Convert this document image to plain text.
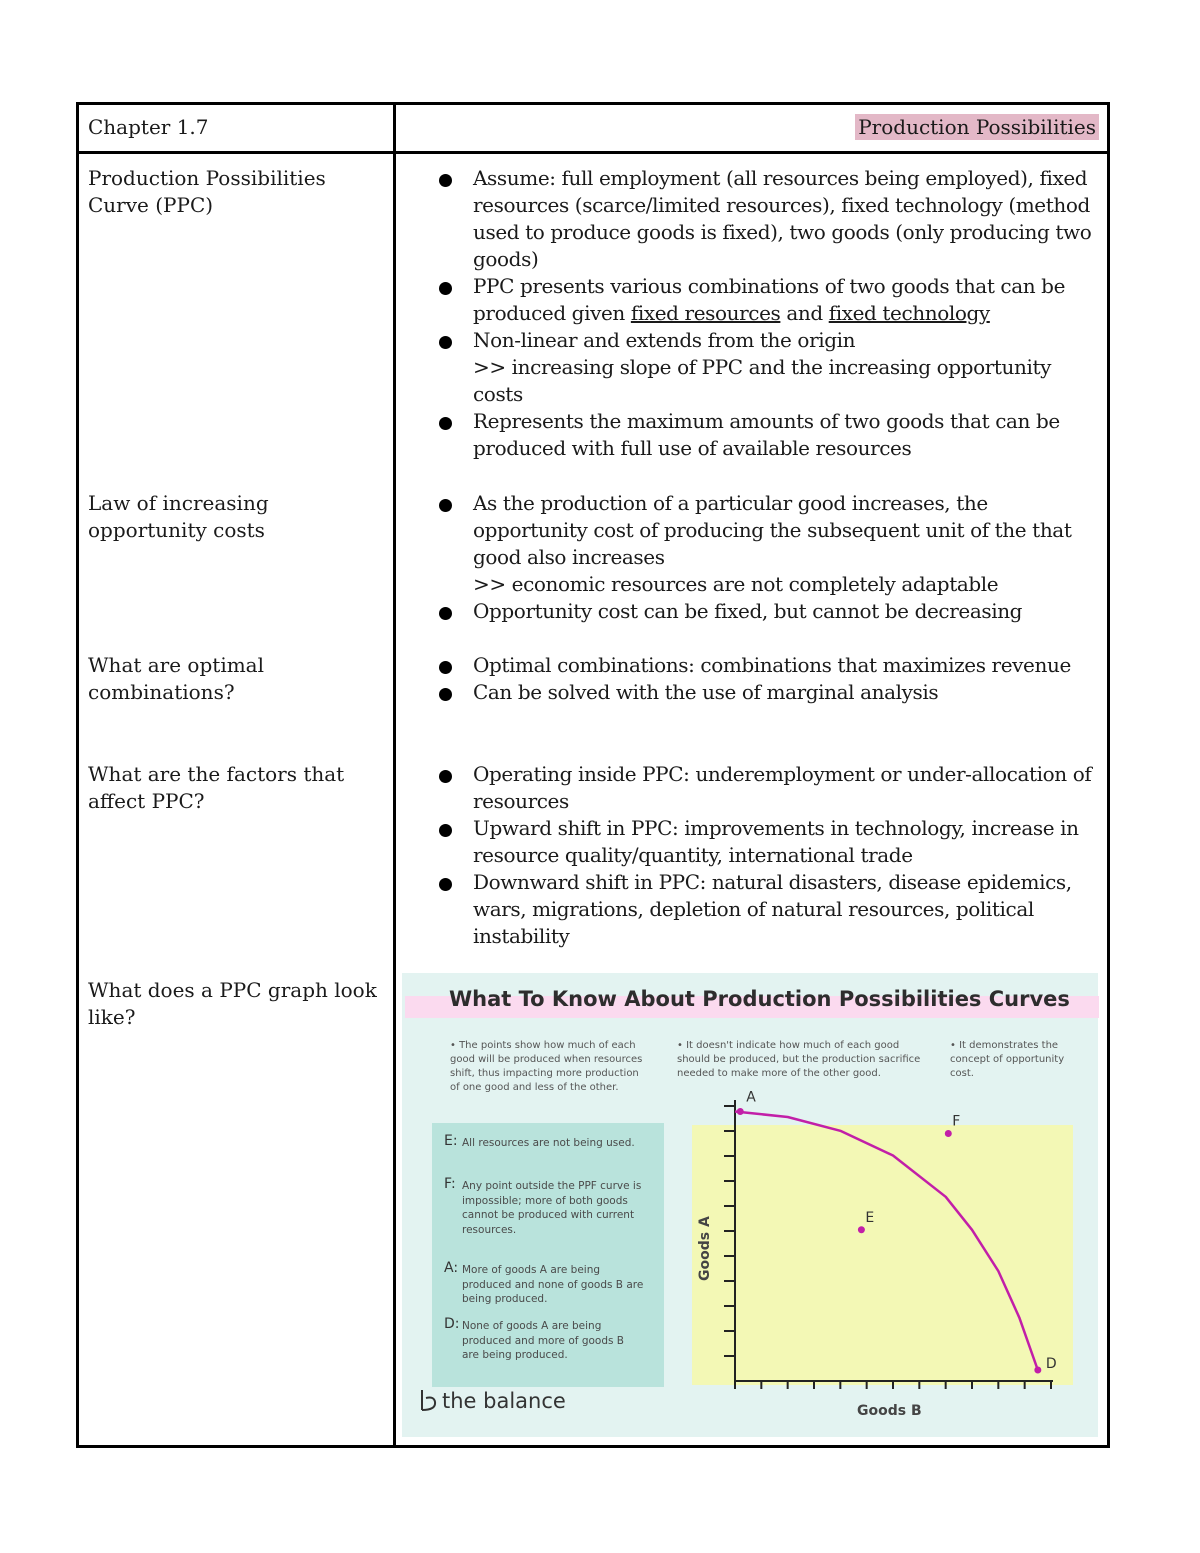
Chapter 1.7	Production Possibilities
Production Possibilities Curve (PPC)
Assume: full employment (all resources being employed), fixed resources (scarce/limited resources), fixed technology (method used to produce goods is fixed), two goods (only producing two goods)
PPC presents various combinations of two goods that can be produced given fixed resources and fixed technology
Non-linear and extends from the origin
>> increasing slope of PPC and the increasing opportunity costs
Represents the maximum amounts of two goods that can be produced with full use of available resources
Law of increasing opportunity costs
As the production of a particular good increases, the opportunity cost of producing the subsequent unit of the that good also increases
>> economic resources are not completely adaptable
Opportunity cost can be fixed, but cannot be decreasing
What are optimal combinations?
Optimal combinations: combinations that maximizes revenue
Can be solved with the use of marginal analysis
What are the factors that affect PPC?
Operating inside PPC: underemployment or under-allocation of resources
Upward shift in PPC: improvements in technology, increase in resource quality/quantity, international trade
Downward shift in PPC: natural disasters, disease epidemics, wars, migrations, depletion of natural resources, political instability
What does a PPC graph look like?
What To Know About Production Possibilities Curves
• The points show how much of each good will be produced when resources shift, thus impacting more production of one good and less of the other.
• It doesn't indicate how much of each good should be produced, but the production sacrifice needed to make more of the other good.
• It demonstrates the concept of opportunity cost.
E: All resources are not being used.
F: Any point outside the PPF curve is impossible; more of both goods cannot be produced with current resources.
A: More of goods A are being produced and none of goods B are being produced.
D: None of goods A are being produced and more of goods B are being produced.
A
F
E
D
Goods B
Goods A
the balance
